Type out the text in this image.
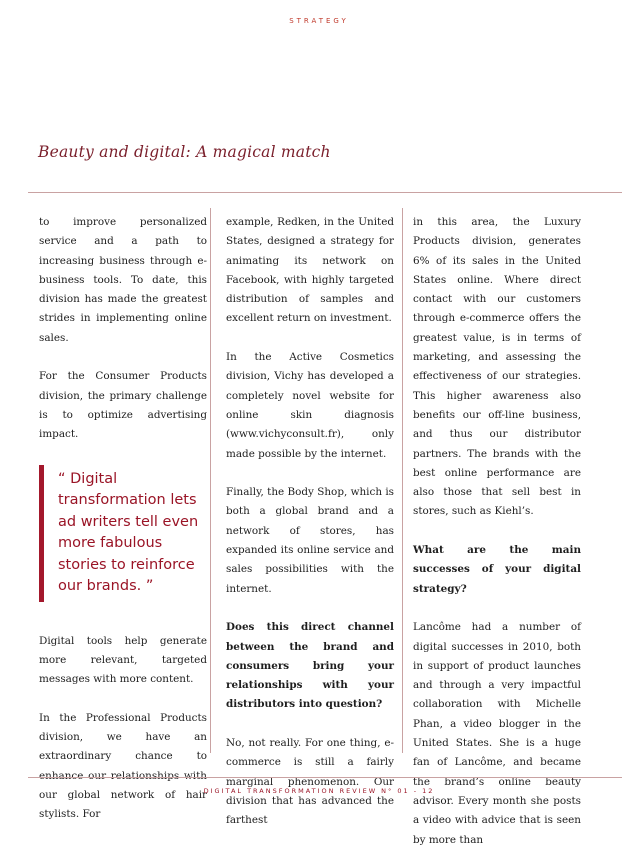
STRATEGY
Beauty and digital: A magical match

to improve personalized service and a path to increasing business through e-business tools. To date, this division has made the greatest strides in implementing online sales.

For the Consumer Products division, the primary challenge is to optimize advertising impact.

“ Digital transformation lets ad writers tell even more fabulous stories to reinforce our brands. ”

Digital tools help generate more relevant, targeted messages with more content.

In the Professional Products division, we have an extraordinary chance to enhance our relationships with our global network of hair stylists. For

example, Redken, in the United States, designed a strategy for animating its network on Facebook, with highly targeted distribution of samples and excellent return on investment.

In the Active Cosmetics division, Vichy has developed a completely novel website for online skin diagnosis (www.vichyconsult.fr), only made possible by the internet.

Finally, the Body Shop, which is both a global brand and a network of stores, has expanded its online service and sales possibilities with the internet.

Does this direct channel between the brand and consumers bring your relationships with your distributors into question?

No, not really. For one thing, e-commerce is still a fairly marginal phenomenon. Our division that has advanced the farthest

in this area, the Luxury Products division, generates 6% of its sales in the United States online. Where direct contact with our customers through e-commerce offers the greatest value, is in terms of marketing, and assessing the effectiveness of our strategies. This higher awareness also benefits our off-line business, and thus our distributor partners. The brands with the best online performance are also those that sell best in stores, such as Kiehl’s.

What are the main successes of your digital strategy?

Lancôme had a number of digital successes in 2010, both in support of product launches and through a very impactful collaboration with Michelle Phan, a video blogger in the United States. She is a huge fan of Lancôme, and became the brand’s online beauty advisor. Every month she posts a video with advice that is seen by more than

DIGITAL TRANSFORMATION REVIEW N° 01 - 12
